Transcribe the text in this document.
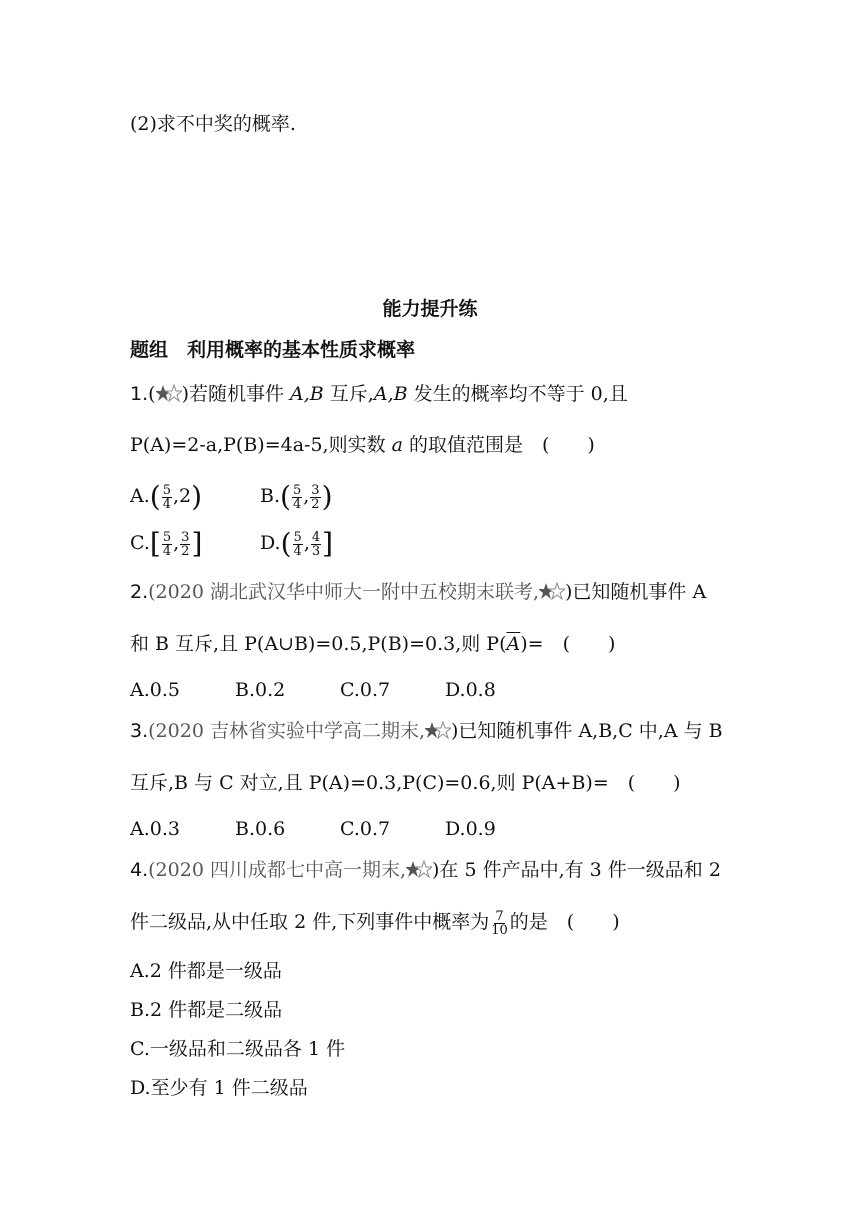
(2)求不中奖的概率.
能力提升练
题组　利用概率的基本性质求概率
1.( )若随机事件 A,B 互斥,A,B 发生的概率均不等于 0,且
P(A)=2-a,P(B)=4a-5,则实数 a 的取值范围是　(　　)
$A.( \frac{5}{4} ,2)$	$B.( \frac{5}{4}$ , $\frac{3}{2}$ )
$C.[ \frac{5}{4}$ , $\frac{3}{2}$ ]	$D.( \frac{5}{4}$ , $\frac{4}{3}$ ]
2.(2020 湖北武汉华中师大一附中五校期末联考, )已知随机事件 A
和 B 互斥,且 P(A∪B)=0.5,P(B)=0.3,则 $P(\overline{A})=$　(　　)
A.0.5	B.0.2	C.0.7	D.0.8
3.(2020 吉林省实验中学高二期末, )已知随机事件 A,B,C 中,A 与 B
互斥,B 与 C 对立,且 P(A)=0.3,P(C)=0.6,则 P(A+B)=　(　　)
A.0.3	B.0.6	C.0.7	D.0.9
4.(2020 四川成都七中高一期末, )在 5 件产品中,有 3 件一级品和 2
件二级品,从中任取 2 件,下列事件中概率为 $\frac{7}{10}$ 的是　(　　)
A.2 件都是一级品
B.2 件都是二级品
C.一级品和二级品各 1 件
D.至少有 1 件二级品
